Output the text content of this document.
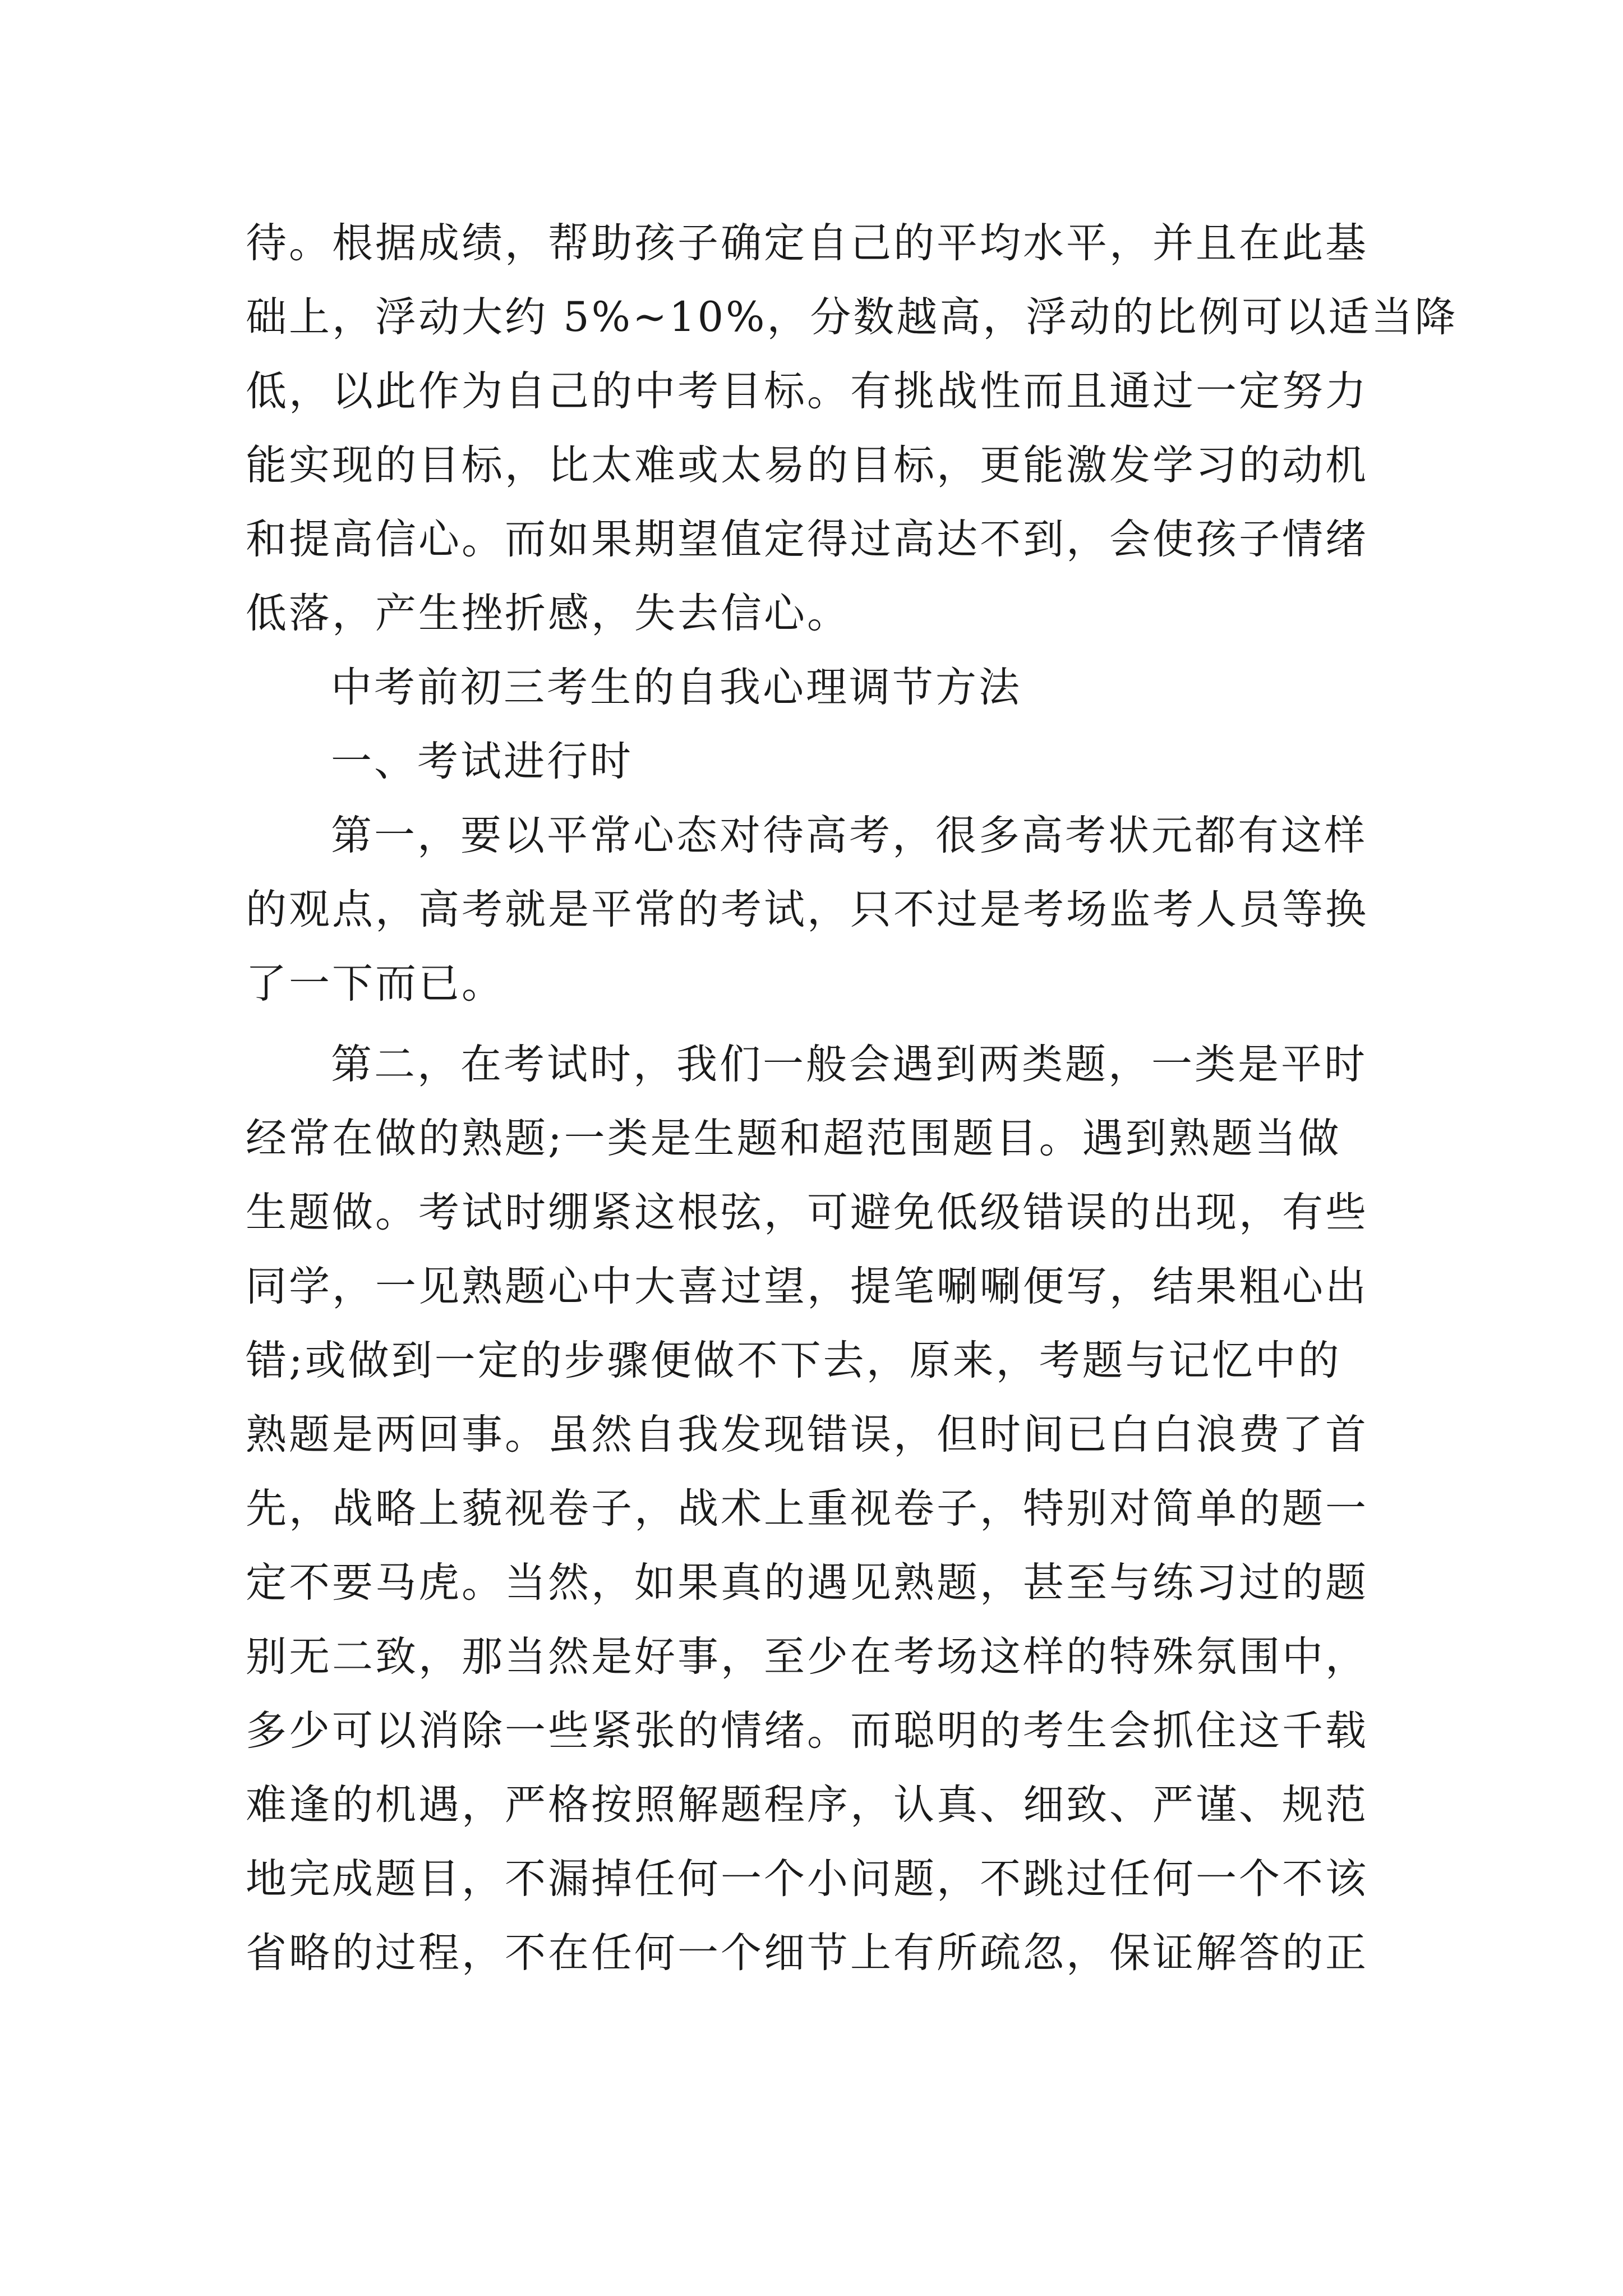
待。根据成绩，帮助孩子确定自己的平均水平，并且在此基
础上，浮动大约 5%~10%，分数越高，浮动的比例可以适当降
低，以此作为自己的中考目标。有挑战性而且通过一定努力
能实现的目标，比太难或太易的目标，更能激发学习的动机
和提高信心。而如果期望值定得过高达不到，会使孩子情绪
低落，产生挫折感，失去信心。
中考前初三考生的自我心理调节方法
一、考试进行时
第一，要以平常心态对待高考，很多高考状元都有这样
的观点，高考就是平常的考试，只不过是考场监考人员等换
了一下而已。
第二，在考试时，我们一般会遇到两类题，一类是平时
经常在做的熟题;一类是生题和超范围题目。遇到熟题当做
生题做。考试时绷紧这根弦，可避免低级错误的出现，有些
同学，一见熟题心中大喜过望，提笔唰唰便写，结果粗心出
错;或做到一定的步骤便做不下去，原来，考题与记忆中的
熟题是两回事。虽然自我发现错误，但时间已白白浪费了首
先，战略上藐视卷子，战术上重视卷子，特别对简单的题一
定不要马虎。当然，如果真的遇见熟题，甚至与练习过的题
别无二致，那当然是好事，至少在考场这样的特殊氛围中，
多少可以消除一些紧张的情绪。而聪明的考生会抓住这千载
难逢的机遇，严格按照解题程序，认真、细致、严谨、规范
地完成题目，不漏掉任何一个小问题，不跳过任何一个不该
省略的过程，不在任何一个细节上有所疏忽，保证解答的正
